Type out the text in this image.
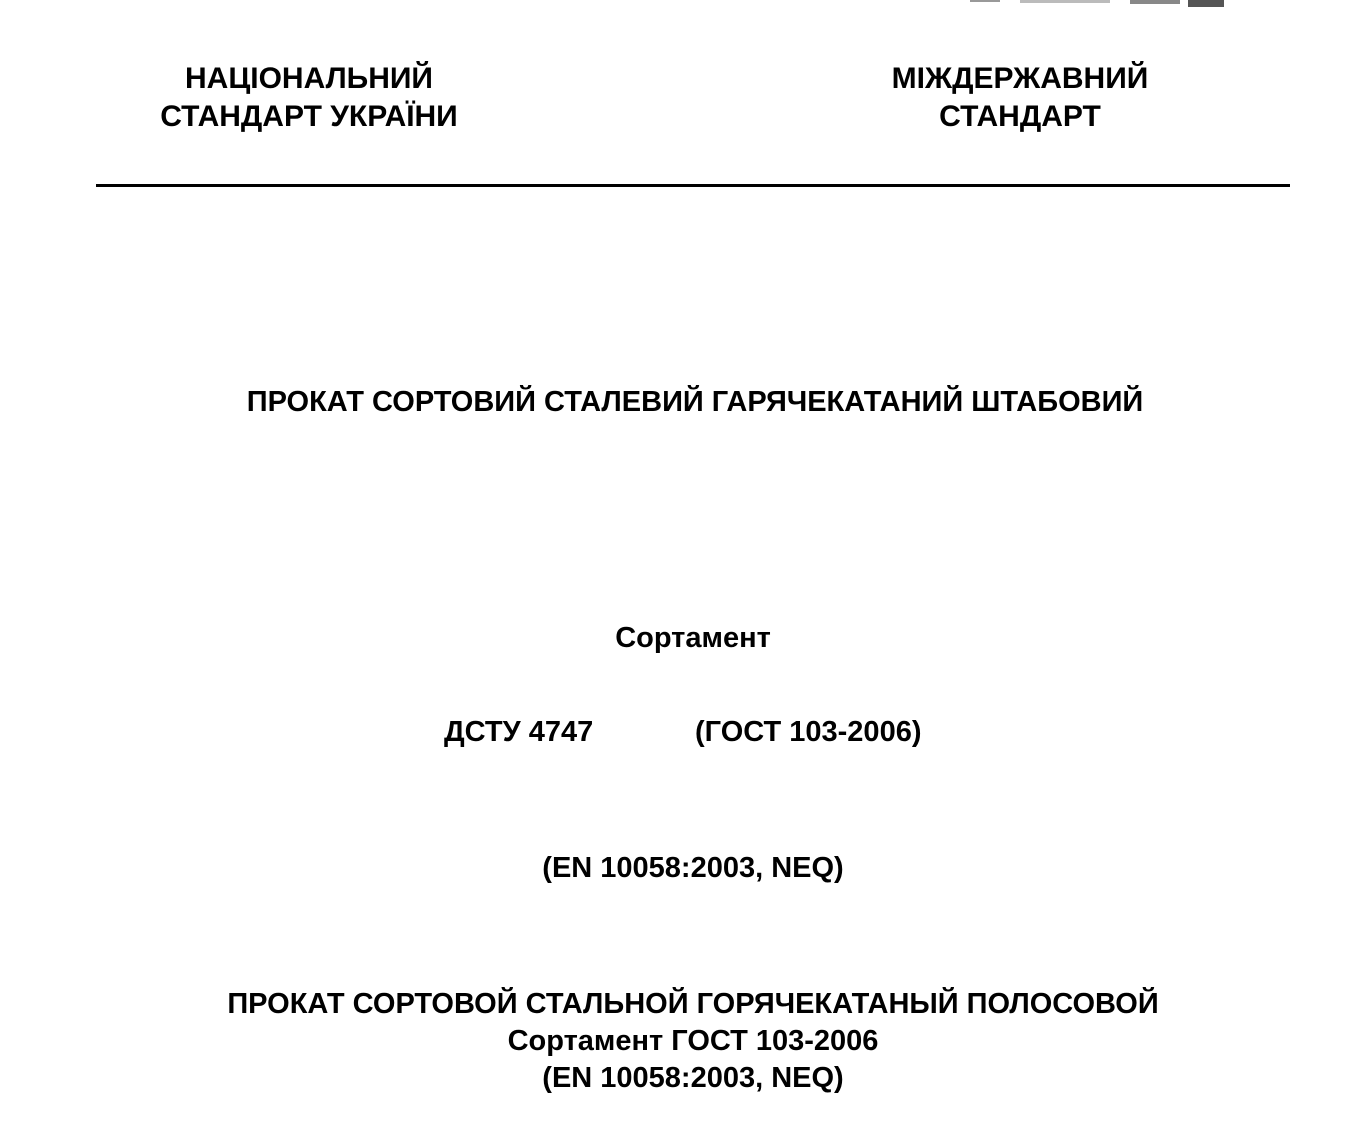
НАЦІОНАЛЬНИЙ
СТАНДАРТ УКРАЇНИ
МІЖДЕРЖАВНИЙ
СТАНДАРТ
ПРОКАТ СОРТОВИЙ СТАЛЕВИЙ ГАРЯЧЕКАТАНИЙ ШТАБОВИЙ
Сортамент
ДСТУ 4747	(ГОСТ 103-2006)
(EN 10058:2003, NEQ)
ПРОКАТ СОРТОВОЙ СТАЛЬНОЙ ГОРЯЧЕКАТАНЫЙ ПОЛОСОВОЙ
Сортамент ГОСТ 103-2006
(EN 10058:2003, NEQ)
